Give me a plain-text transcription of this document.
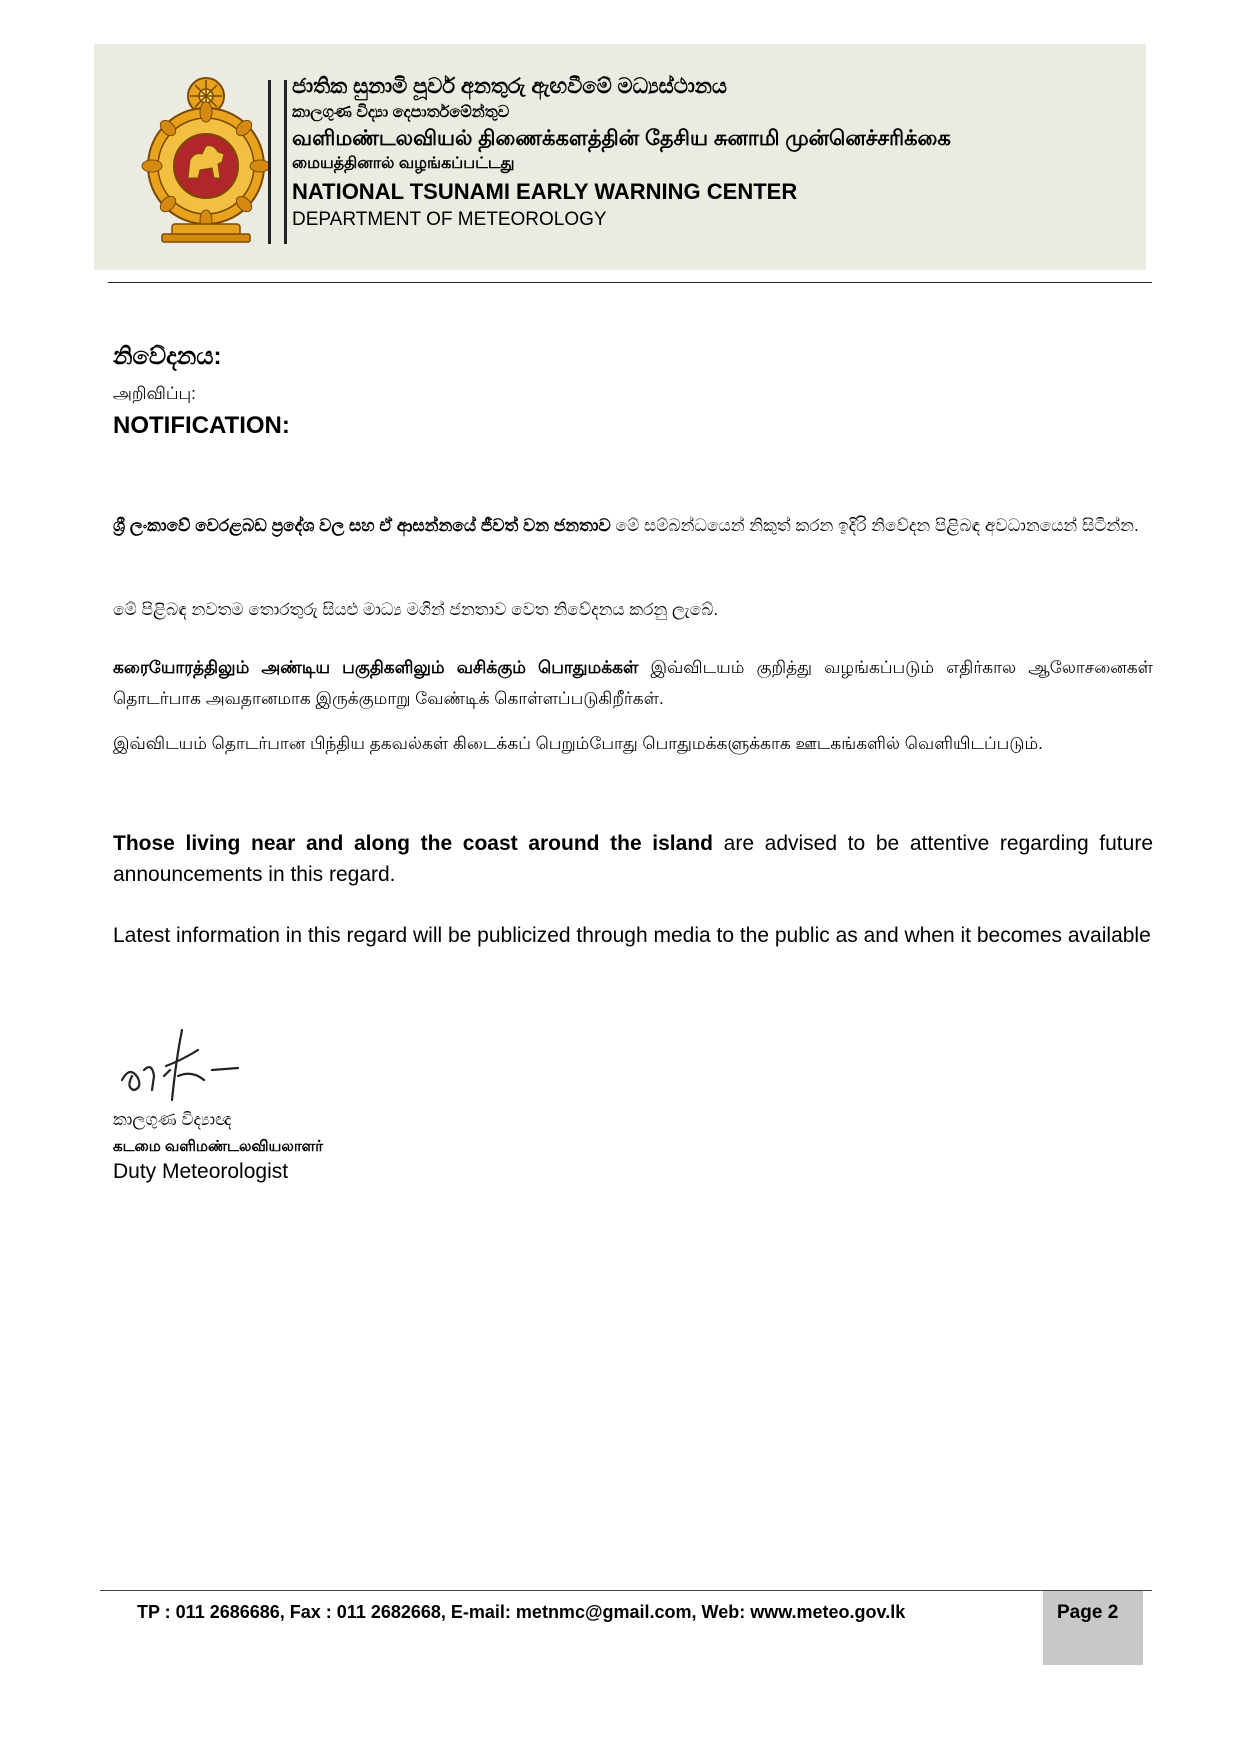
ජාතික සුනාමි පූර්ව අනතුරු ඇඟවීමේ මධ්‍යස්ථානය
කාලගුණ විද්‍යා දෙපාර්තමේන්තුව
வளிமண்டலவியல் திணைக்களத்தின் தேசிய சுனாமி முன்னெச்சரிக்கை
மையத்தினால் வழங்கப்பட்டது
NATIONAL TSUNAMI EARLY WARNING CENTER
DEPARTMENT OF METEOROLOGY
නිවේදනය:
அறிவிப்பு:
NOTIFICATION:
ශ්‍රී ලංකාවේ වෙරළබඩ ප්‍රදේශ වල සහ ඒ ආසන්නයේ ජීවත් වන ජනතාව මේ සම්බන්ධයෙන් නිකුත් කරන ඉදිරි නිවේදන පිළිබඳ අවධානයෙන් සිටින්න.
මේ පිළිබඳ නවතම තොරතුරු සියළු මාධ්‍ය මගින් ජනතාව වෙත නිවේදනය කරනු ලැබේ.
கரையோரத்திலும் அண்டிய பகுதிகளிலும் வசிக்கும் பொதுமக்கள் இவ்விடயம் குறித்து வழங்கப்படும் எதிர்கால ஆலோசனைகள் தொடர்பாக அவதானமாக இருக்குமாறு வேண்டிக் கொள்ளப்படுகிறீர்கள்.
இவ்விடயம் தொடர்பான பிந்திய தகவல்கள் கிடைக்கப் பெறும்போது பொதுமக்களுக்காக ஊடகங்களில் வெளியிடப்படும்.
Those living near and along the coast around the island are advised to be attentive regarding future announcements in this regard.
Latest information in this regard will be publicized through media to the public as and when it becomes available
කාලගුණ විද්‍යාඥ
கடமை வளிமண்டலவியலாளர்
Duty Meteorologist
TP : 011 2686686, Fax : 011 2682668, E-mail: metnmc@gmail.com, Web: www.meteo.gov.lk	Page 2
